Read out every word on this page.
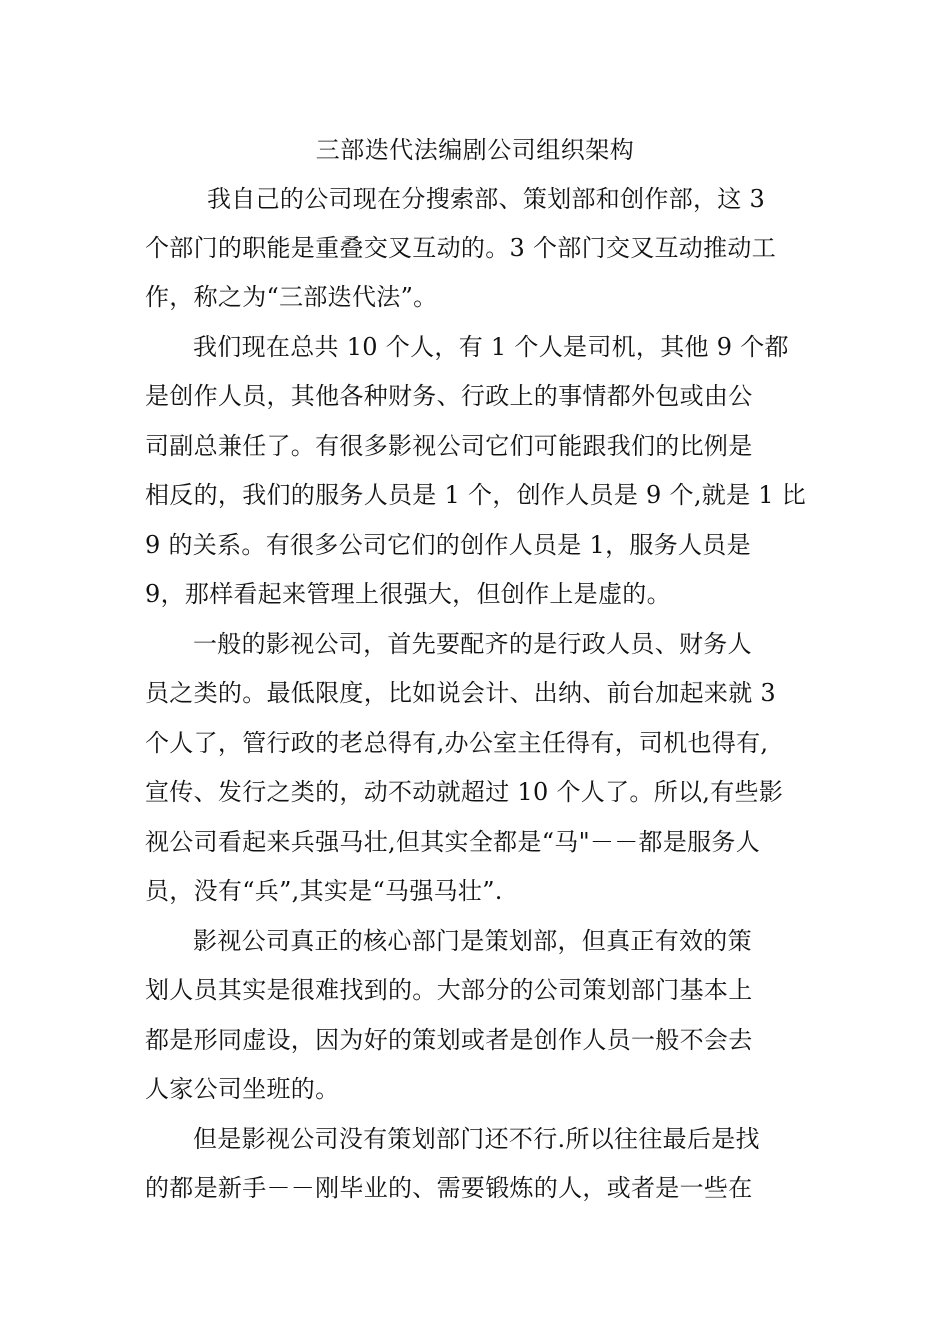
三部迭代法编剧公司组织架构
我自己的公司现在分搜索部、策划部和创作部，这 3
个部门的职能是重叠交叉互动的。3 个部门交叉互动推动工
作，称之为“三部迭代法”。
我们现在总共 10 个人，有 1 个人是司机，其他 9 个都
是创作人员，其他各种财务、行政上的事情都外包或由公
司副总兼任了。有很多影视公司它们可能跟我们的比例是
相反的，我们的服务人员是 1 个，创作人员是 9 个,就是 1 比
9 的关系。有很多公司它们的创作人员是 1，服务人员是
9，那样看起来管理上很强大，但创作上是虚的。
一般的影视公司，首先要配齐的是行政人员、财务人
员之类的。最低限度，比如说会计、出纳、前台加起来就 3
个人了，管行政的老总得有,办公室主任得有，司机也得有,
宣传、发行之类的，动不动就超过 10 个人了。所以,有些影
视公司看起来兵强马壮,但其实全都是“马"－－都是服务人
员，没有“兵”,其实是“马强马壮”.
影视公司真正的核心部门是策划部，但真正有效的策
划人员其实是很难找到的。大部分的公司策划部门基本上
都是形同虚设，因为好的策划或者是创作人员一般不会去
人家公司坐班的。
但是影视公司没有策划部门还不行.所以往往最后是找
的都是新手－－刚毕业的、需要锻炼的人，或者是一些在
